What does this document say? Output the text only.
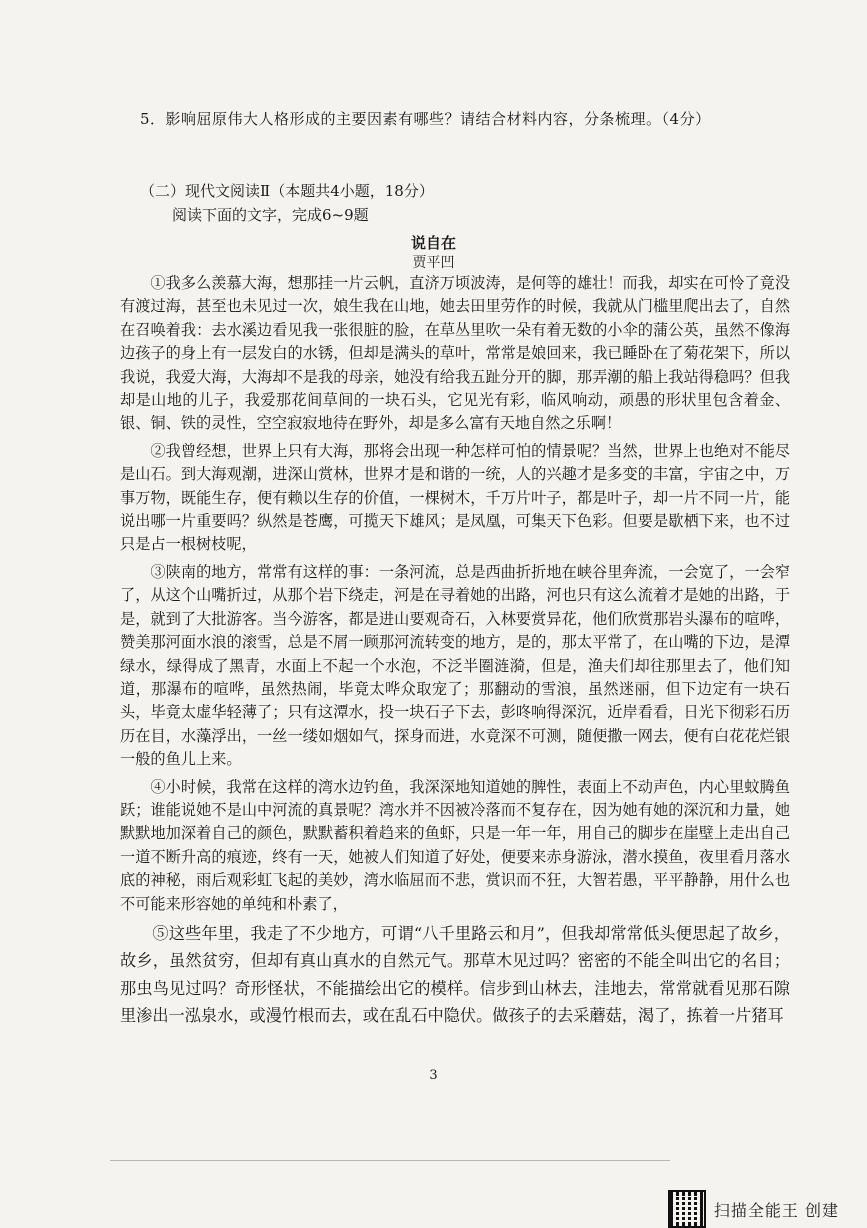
5．影响屈原伟大人格形成的主要因素有哪些？请结合材料内容，分条梳理。（4分）
（二）现代文阅读Ⅱ（本题共4小题，18分）
阅读下面的文字，完成6~9题
说自在
贾平凹

①我多么羡慕大海，想那挂一片云帆，直济万顷波涛，是何等的雄壮！而我，却实在可怜了竟没有渡过海，甚至也未见过一次，娘生我在山地，她去田里劳作的时候，我就从门槛里爬出去了，自然在召唤着我：去水溪边看见我一张很脏的脸，在草丛里吹一朵有着无数的小伞的蒲公英，虽然不像海边孩子的身上有一层发白的水锈，但却是满头的草叶，常常是娘回来，我已睡卧在了菊花架下，所以我说，我爱大海，大海却不是我的母亲，她没有给我五趾分开的脚，那弄潮的船上我站得稳吗？但我却是山地的儿子，我爱那花间草间的一块石头，它见光有彩，临风响动，顽愚的形状里包含着金、银、铜、铁的灵性，空空寂寂地待在野外，却是多么富有天地自然之乐啊！

②我曾经想，世界上只有大海，那将会出现一种怎样可怕的情景呢？当然，世界上也绝对不能尽是山石。到大海观潮，进深山赏林，世界才是和谐的一统，人的兴趣才是多变的丰富，宇宙之中，万事万物，既能生存，便有赖以生存的价值，一棵树木，千万片叶子，都是叶子，却一片不同一片，能说出哪一片重要吗？纵然是苍鹰，可揽天下雄风；是凤凰，可集天下色彩。但要是歇栖下来，也不过只是占一根树枝呢，

③陕南的地方，常常有这样的事：一条河流，总是西曲折折地在峡谷里奔流，一会宽了，一会窄了，从这个山嘴折过，从那个岩下绕走，河是在寻着她的出路，河也只有这么流着才是她的出路，于是，就到了大批游客。当今游客，都是进山要观奇石，入林要赏异花，他们欣赏那岩头瀑布的喧哗，赞美那河面水浪的滚雪，总是不屑一顾那河流转变的地方，是的，那太平常了，在山嘴的下边，是潭绿水，绿得成了黑青，水面上不起一个水泡，不泛半圈涟漪，但是，渔夫们却往那里去了，他们知道，那瀑布的喧哗，虽然热闹，毕竟太哗众取宠了；那翻动的雪浪，虽然迷丽，但下边定有一块石头，毕竟太虚华轻薄了；只有这潭水，投一块石子下去，彭咚响得深沉，近岸看看，日光下彻彩石历历在目，水藻浮出，一丝一缕如烟如气，探身而进，水竟深不可测，随便撒一网去，便有白花花烂银一般的鱼儿上来。

④小时候，我常在这样的湾水边钓鱼，我深深地知道她的脾性，表面上不动声色，内心里蚊腾鱼跃；谁能说她不是山中河流的真景呢？湾水并不因被冷落而不复存在，因为她有她的深沉和力量，她默默地加深着自己的颜色，默默蓄积着趋来的鱼虾，只是一年一年，用自己的脚步在崖壁上走出自己一道不断升高的痕迹，终有一天，她被人们知道了好处，便要来赤身游泳，潜水摸鱼，夜里看月落水底的神秘，雨后观彩虹飞起的美妙，湾水临屈而不悲，赏识而不狂，大智若愚，平平静静，用什么也不可能来形容她的单纯和朴素了，

⑤这些年里，我走了不少地方，可谓“八千里路云和月”，但我却常常低头便思起了故乡，故乡，虽然贫穷，但却有真山真水的自然元气。那草木见过吗？密密的不能全叫出它的名目；那虫鸟见过吗？奇形怪状，不能描绘出它的模样。信步到山林去，洼地去，常常就看见那石隙里渗出一泓泉水，或漫竹根而去，或在乱石中隐伏。做孩子的去采蘑菇，渴了，拣着一片猪耳

3
扫描全能王 创建
